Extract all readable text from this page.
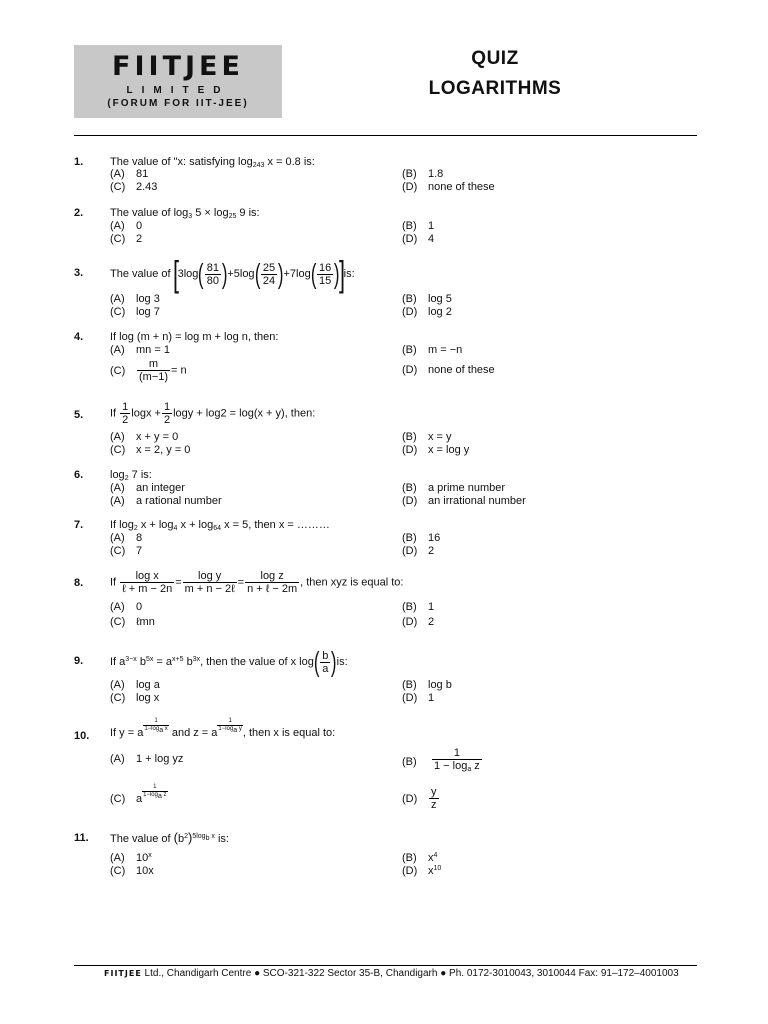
FIITJEE
LIMITED
(FORUM FOR IIT-JEE)
QUIZ
LOGARITHMS
1. The value of "x: satisfying $\log_{243} x = 0.8$ is:
(A) 81	(B) 1.8
(C) 2.43	(D) none of these
2. The value of $\log_3 5 \times \log_{25} 9$ is:
(A) 0	(B) 1
(C) 2	(D) 4
3. The value of $[3\log( \frac{81}{80} )+5\log( \frac{25}{24} )+7\log( \frac{16}{15} )]is$:
(A) log 3	(B) log 5
(C) log 7	(D) log 2
4. If log (m + n) = log m + log n, then:
(A) mn = 1	(B) m = −n
$(C) \frac{m}{(m-1)} = n$	(D) none of these
5. If $\frac{1}{2}$ $\log x + \frac{1}{2}$ logy + log2 = log(x + y), then:
(A) x + y = 0	(B) x = y
(C) x = 2, y = 0	(D) x = log y
6. $\log_2 7$ is:
(A) an integer	(B) a prime number
(A) a rational number	(D) an irrational number
7. If $\log_2 x + \log_4 x + \log_{64} x = 5$, then x = ………
(A) 8	(B) 16
(C) 7	(D) 2
8. If $\frac{\text{log x}}{\text{ℓ + m − 2n}} = \frac{\text{log y}}{\text{m + n − 2ℓ}} = \frac{\text{log z}}{\text{n + ℓ − 2m}}$ , then xyz is equal to:
(A) 0	(B) 1
(C) ℓmn	(D) 2
9. If $a^{3-x}$ $b^{5x} = a^{x+5}$ $b^{3x}$, then the value of x $\log( \frac{b}{a} )is$:
(A) log a	(B) log b
(C) log x	(D) 1
10. If y = a $\frac{1}{1-\log_a x}$ and z = a $\frac{1}{1-\log_a y}$ , then x is equal to:
(A) 1 + log yz	$(B) \frac{1}{1 - \log_a z}$
(C) a $\frac{1}{1-\log_a z}$	$(D) \frac{y}{z}$
11. The value of $(b^2)^{5log_b x}$ is:
(A) 10$^x$	(B) $x^4$
(C) 10x	(D) $x^{10}$
FIITJEE Ltd., Chandigarh Centre ● SCO-321-322 Sector 35-B, Chandigarh ● Ph. 0172-3010043, 3010044 Fax: 91–172–4001003
